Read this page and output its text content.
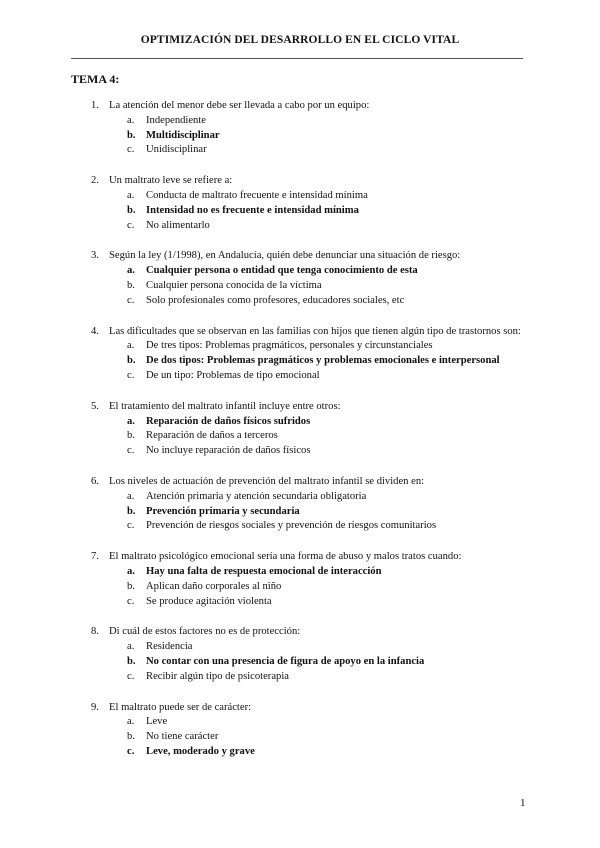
OPTIMIZACIÓN DEL DESARROLLO EN EL CICLO VITAL
TEMA 4:
1. La atención del menor debe ser llevada a cabo por un equipo:
a.	Independiente
b. Multidisciplinar
c.	Unidisciplinar
2. Un maltrato leve se refiere a:
a.	Conducta de maltrato frecuente e intensidad mínima
b. Intensidad no es frecuente e intensidad mínima
c.	No alimentarlo
3. Según la ley (1/1998), en Andalucía, quién debe denunciar una situación de riesgo:
a.	Cualquier persona o entidad que tenga conocimiento de esta
b.	Cualquier persona conocida de la víctima
c.	Solo profesionales como profesores, educadores sociales, etc
4. Las dificultades que se observan en las familias con hijos que tienen algún tipo de trastornos son:
a.	De tres tipos: Problemas pragmáticos, personales y circunstanciales
b. De dos tipos: Problemas pragmáticos y problemas emocionales e interpersonal
c.	De un tipo: Problemas de tipo emocional
5. El tratamiento del maltrato infantil incluye entre otros:
a.	Reparación de daños físicos sufridos
b.	Reparación de daños a terceros
c.	No incluye reparación de daños físicos
6. Los niveles de actuación de prevención del maltrato infantil se dividen en:
a.	Atención primaria y atención secundaria obligatoria
b. Prevención primaria y secundaria
c.	Prevención de riesgos sociales y prevención de riesgos comunitarios
7. El maltrato psicológico emocional sería una forma de abuso y malos tratos cuando:
a.	Hay una falta de respuesta emocional de interacción
b.	Aplican daño corporales al niño
c.	Se produce agitación violenta
8. Di cuál de estos factores no es de protección:
a.	Residencia
b. No contar con una presencia de figura de apoyo en la infancia
c.	Recibir algún tipo de psicoterapia
9. El maltrato puede ser de carácter:
a.	Leve
b.	No tiene carácter
c.	Leve, moderado y grave
1
